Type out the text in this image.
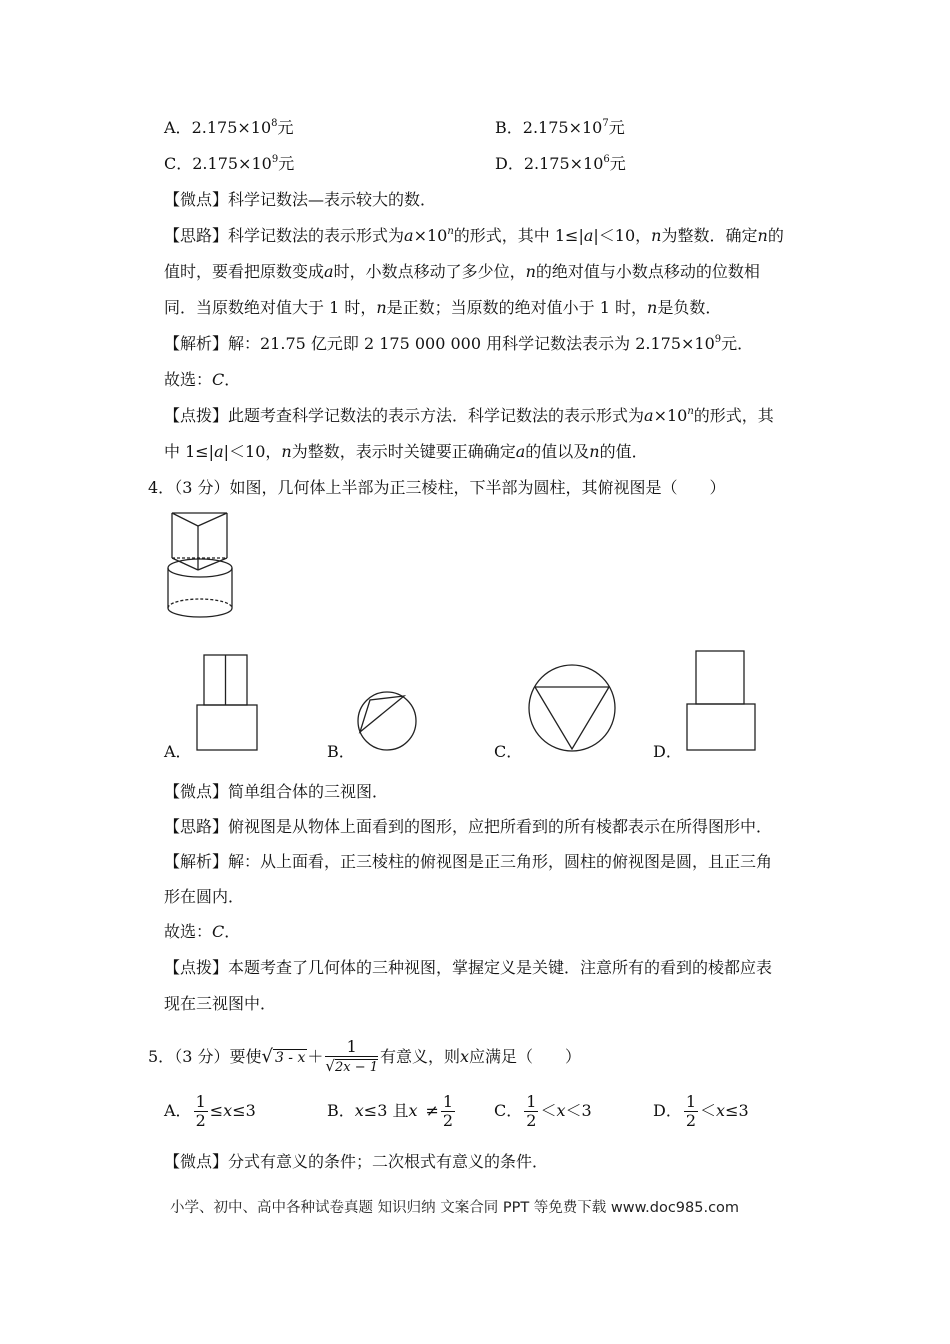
A．$2.175\times 10^8$元	B．$2.175\times 10^7$元
C．$2.175\times 10^9$元	D．$2.175\times 10^6$元
【微点】科学记数法—表示较大的数．
【思路】科学记数法的表示形式为$a\times 10^n$的形式，其中 1≤|a|＜10，n为整数．确定n的
值时，要看把原数变成a时，小数点移动了多少位，n的绝对值与小数点移动的位数相
同．当原数绝对值大于 1 时，n是正数；当原数的绝对值小于 1 时，n是负数．
【解析】解：21.75 亿元即 2 175 000 000 用科学记数法表示为 $2.175\times 10^9$元．
故选：C．
【点拨】此题考查科学记数法的表示方法．科学记数法的表示形式为$a\times 10^n$的形式，其
中 1≤|a|＜10，n为整数，表示时关键要正确确定a的值以及n的值．
4．（3 分）如图，几何体上半部为正三棱柱，下半部为圆柱，其俯视图是（　　）
A．	B．	C．	D．
【微点】简单组合体的三视图．
【思路】俯视图是从物体上面看到的图形，应把所看到的所有棱都表示在所得图形中．
【解析】解：从上面看，正三棱柱的俯视图是正三角形，圆柱的俯视图是圆，且正三角
形在圆内．
故选：C．
【点拨】本题考查了几何体的三种视图，掌握定义是关键．注意所有的看到的棱都应表
现在三视图中．
5．（3 分）要使√ $3 - x + \frac{1}{√2x - 1}$ 有意义，则x应满足（　　）
A． $\frac{1}{2} \le x\le 3$	B．x≤3 且$x \ne \frac{1}{2}$ C． $\frac{1}{2} <x<3$	D． $\frac{1}{2} <x\le 3$
【微点】分式有意义的条件；二次根式有意义的条件．
小学、初中、高中各种试卷真题 知识归纳 文案合同 PPT 等免费下载 www.doc985.com
